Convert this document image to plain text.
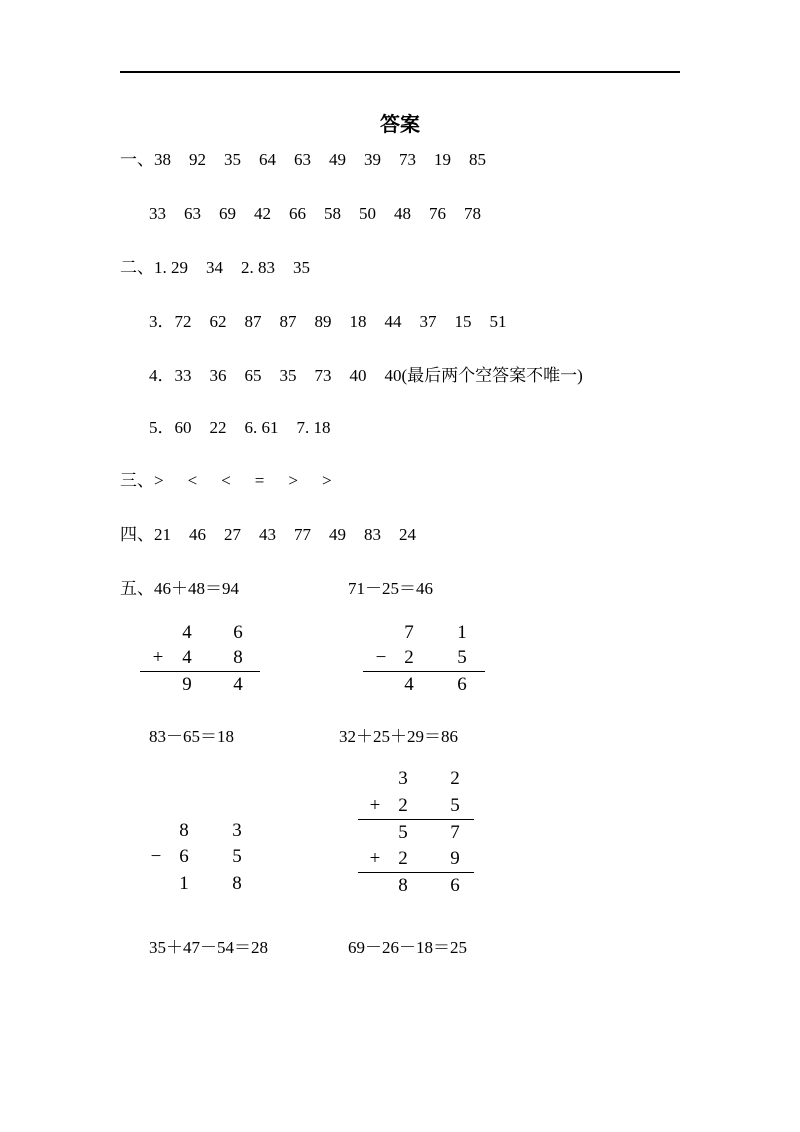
答案
一、38 92 35 64 63 49 39 73 19 85
33 63 69 42 66 58 50 48 76 78
二、1. 29 34 2. 83 35
3．72 62 87 87 89 18 44 37 15 51
4．33 36 65 35 73 40 40(最后两个空答案不唯一)
5．60 22 6. 61 7. 18
三、> < < = > >
四、21 46 27 43 77 49 83 24
五、46＋48＝94	71－25＝46
83－65＝18	32＋25＋29＝86
35＋47－54＝28	69－26－18＝25
4 6
+ 4 8
9 4
7 1
− 2 5
4 6
8 3
− 6 5
1 8
3 2
+ 2 5
5 7
+ 2 9
8 6
